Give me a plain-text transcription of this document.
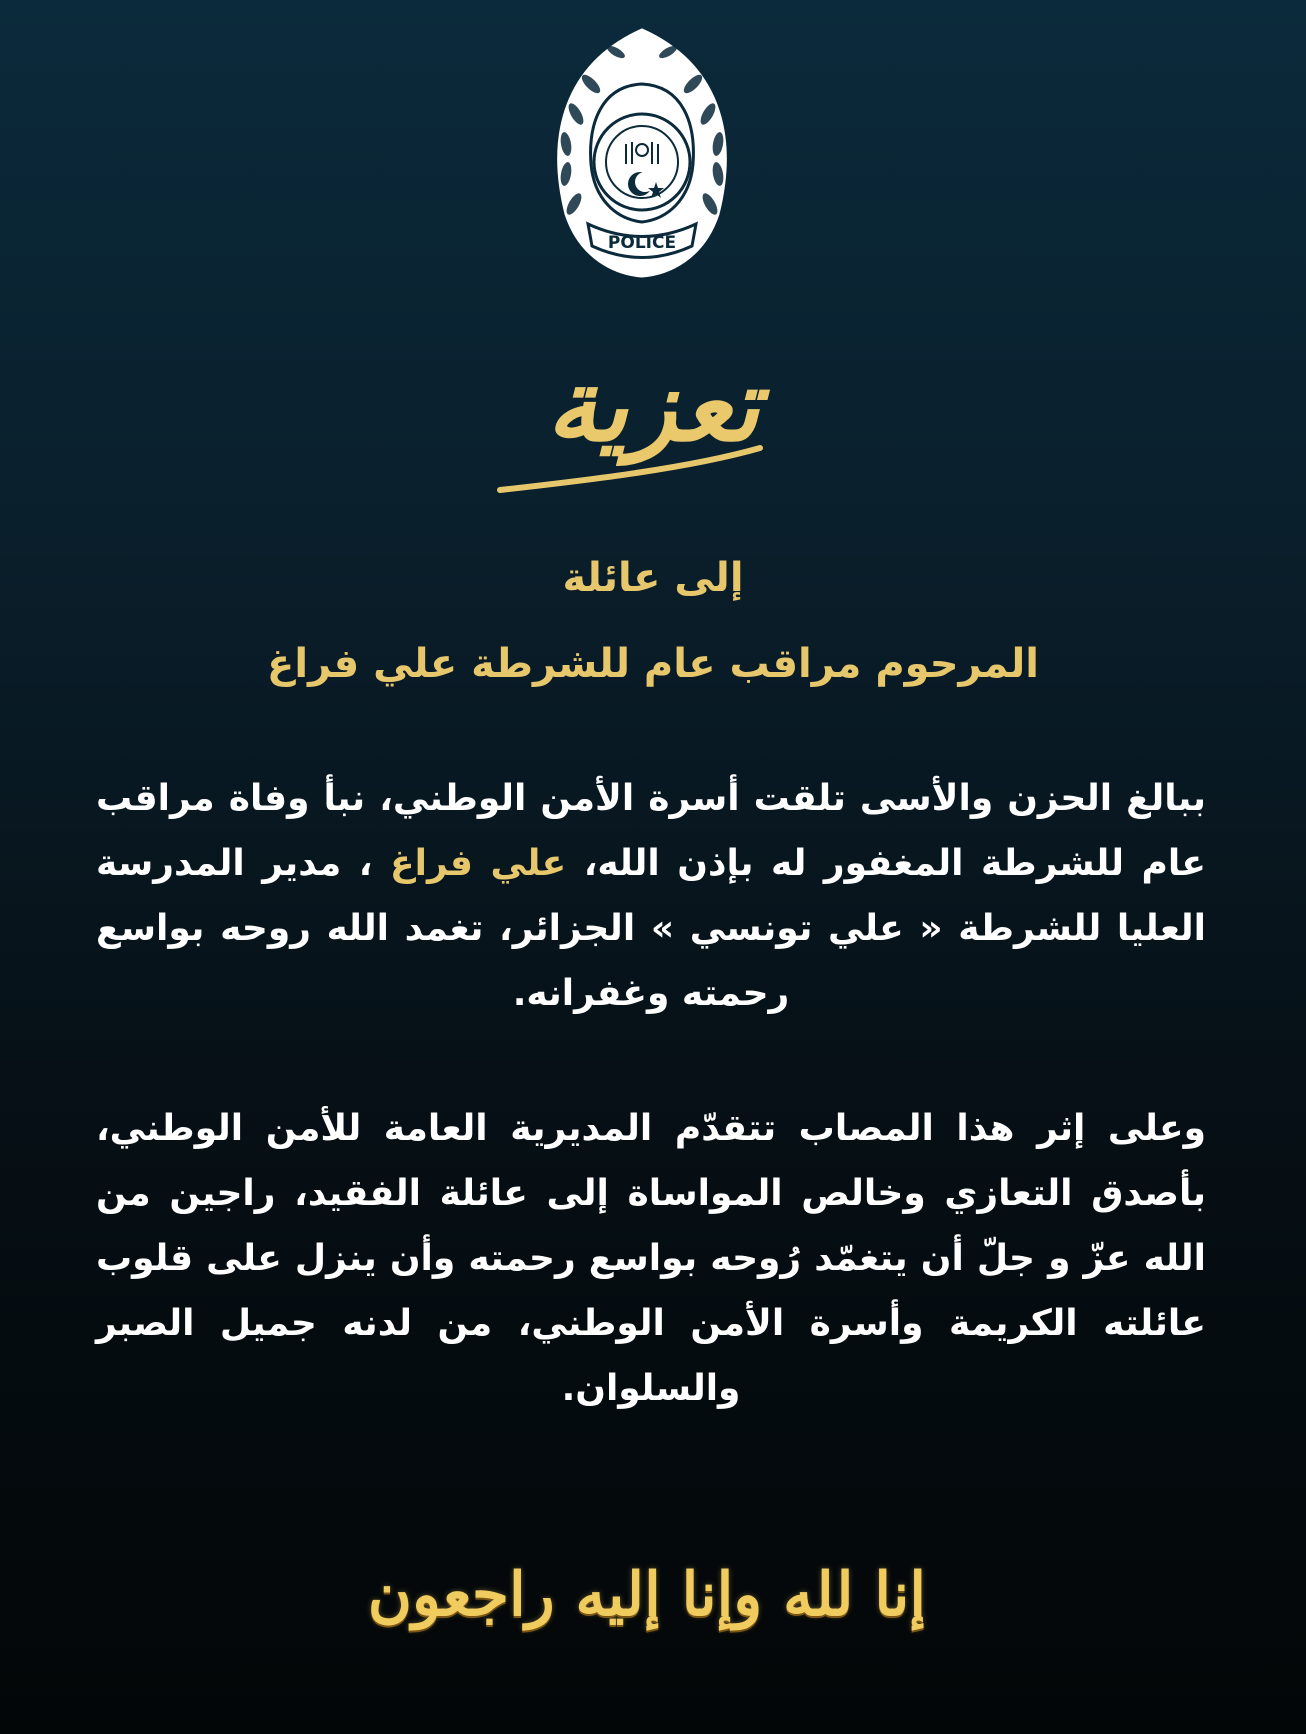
POLICE
تعزية
إلى عائلة
المرحوم مراقب عام للشرطة علي فراغ
ببالغ الحزن والأسى تلقت أسرة الأمن الوطني، نبأ وفاة مراقب عام للشرطة المغفور له بإذن الله، علي فراغ ، مدير المدرسة العليا للشرطة « علي تونسي » الجزائر، تغمد الله روحه بواسع رحمته وغفرانه.
وعلى إثر هذا المصاب تتقدّم المديرية العامة للأمن الوطني، بأصدق التعازي وخالص المواساة إلى عائلة الفقيد، راجين من الله عزّ و جلّ أن يتغمّد رُوحه بواسع رحمته وأن ينزل على قلوب عائلته الكريمة وأسرة الأمن الوطني، من لدنه جميل الصبر والسلوان.
إنا لله وإنا إليه راجعون
